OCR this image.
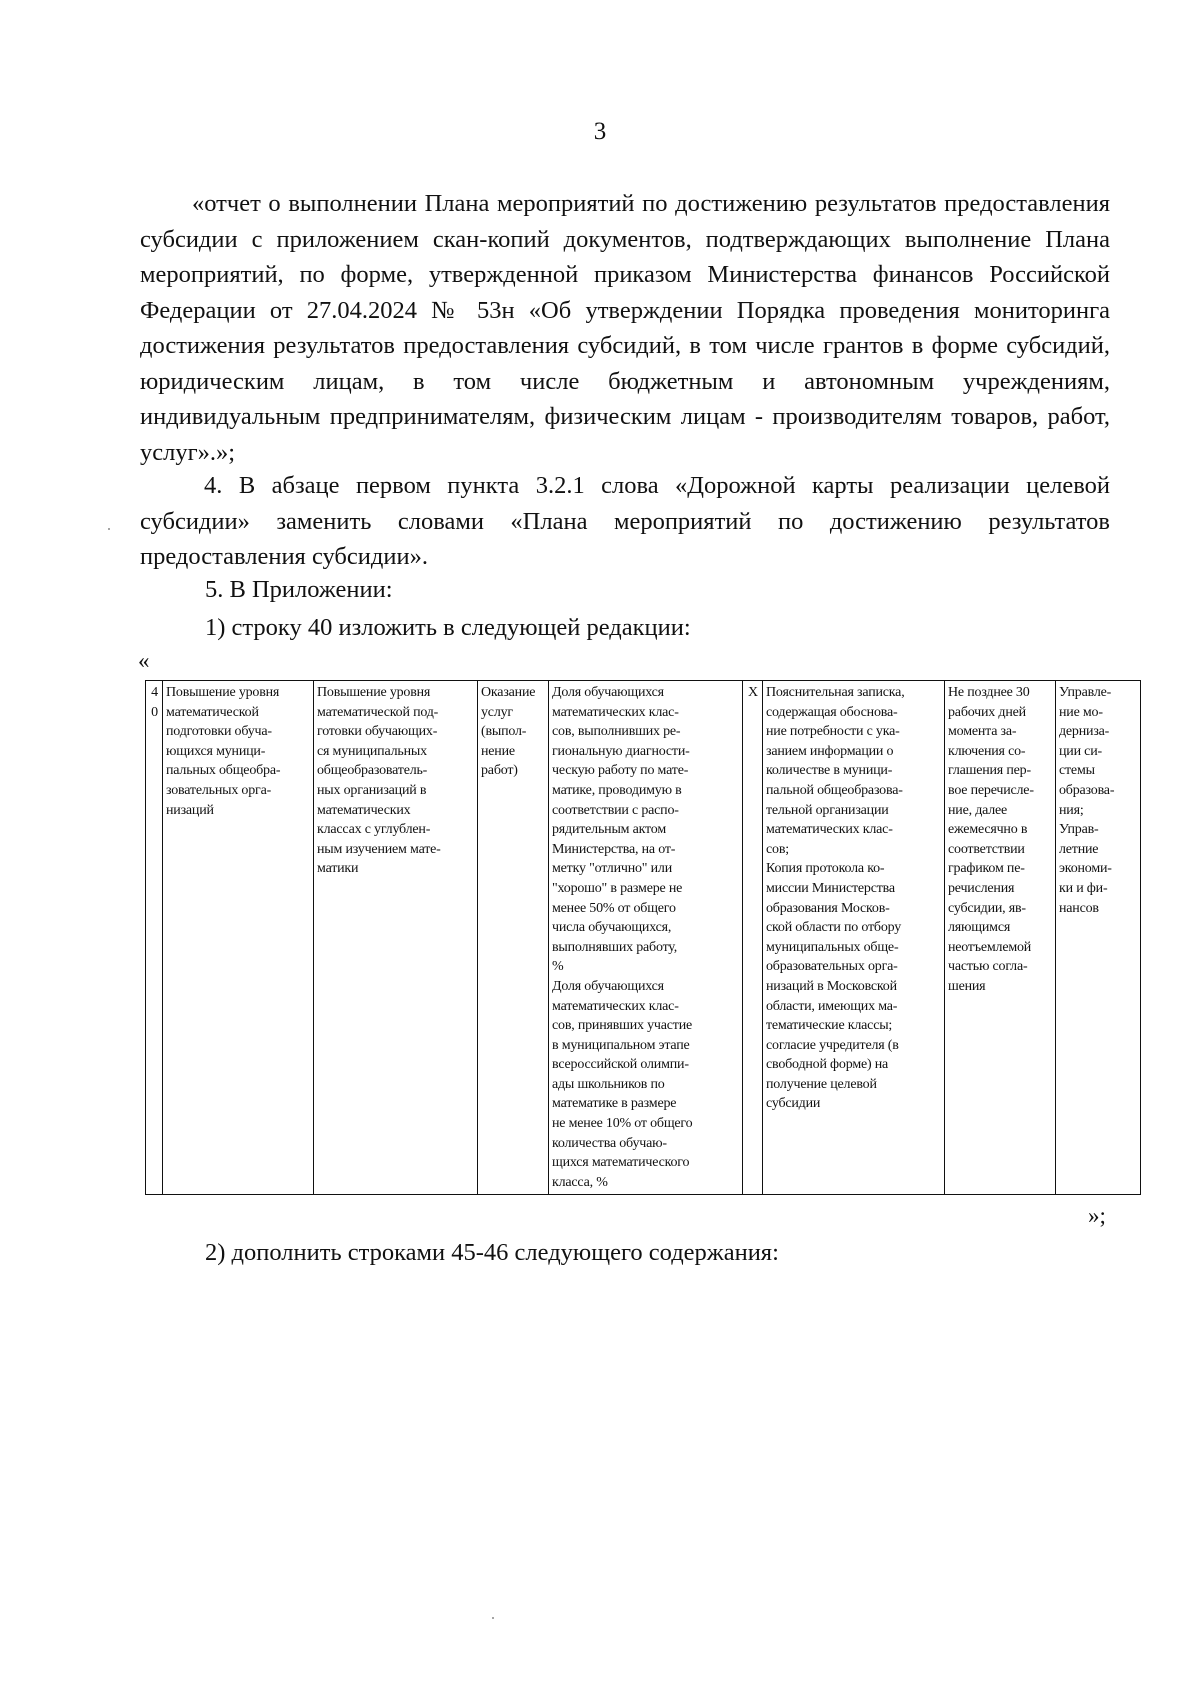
3

«отчет о выполнении Плана мероприятий по достижению результатов предоставления субсидии с приложением скан-копий документов, подтверждающих выполнение Плана мероприятий, по форме, утвержденной приказом Министерства финансов Российской Федерации от 27.04.2024 № 53н «Об утверждении Порядка проведения мониторинга достижения результатов предоставления субсидий, в том числе грантов в форме субсидий, юридическим лицам, в том числе бюджетным и автономным учреждениям, индивидуальным предпринимателям, физическим лицам - производителям товаров, работ, услуг».»;

4. В абзаце первом пункта 3.2.1 слова «Дорожной карты реализации целевой субсидии» заменить словами «Плана мероприятий по достижению результатов предоставления субсидии».

5. В Приложении:

1) строку 40 изложить в следующей редакции:

«
40	Повышение уровня
математической
подготовки обуча-
ющихся муници-
пальных общеобра-
зовательных орга-
низаций	Повышение уровня
математической под-
готовки обучающих-
ся муниципальных
общеобразователь-
ных организаций в
математических
классах с углублен-
ным изучением мате-
матики	Оказание
услуг
(выпол-
нение
работ)	Доля обучающихся
математических клас-
сов, выполнивших ре-
гиональную диагности-
ческую работу по мате-
матике, проводимую в
соответствии с распо-
рядительным актом
Министерства, на от-
метку "отлично" или
"хорошо" в размере не
менее 50% от общего
числа обучающихся,
выполнявших работу,
%
Доля обучающихся
математических клас-
сов, принявших участие
в муниципальном этапе
всероссийской олимпи-
ады школьников по
математике в размере
не менее 10% от общего
количества обучаю-
щихся математического
класса, %	Х	Пояснительная записка,
содержащая обоснова-
ние потребности с ука-
занием информации о
количестве в муници-
пальной общеобразова-
тельной организации
математических клас-
сов;
Копия протокола ко-
миссии Министерства
образования Москов-
ской области по отбору
муниципальных обще-
образовательных орга-
низаций в Московской
области, имеющих ма-
тематические классы;
согласие учредителя (в
свободной форме) на
получение целевой
субсидии	Не позднее 30
рабочих дней
момента за-
ключения со-
глашения пер-
вое перечисле-
ние, далее
ежемесячно в
соответствии
графиком пе-
речисления
субсидии, яв-
ляющимся
неотъемлемой
частью согла-
шения	Управле-
ние мо-
дерниза-
ции си-
стемы
образова-
ния;
Управ-
летние
экономи-
ки и фи-
нансов
»;

2) дополнить строками 45-46 следующего содержания:
